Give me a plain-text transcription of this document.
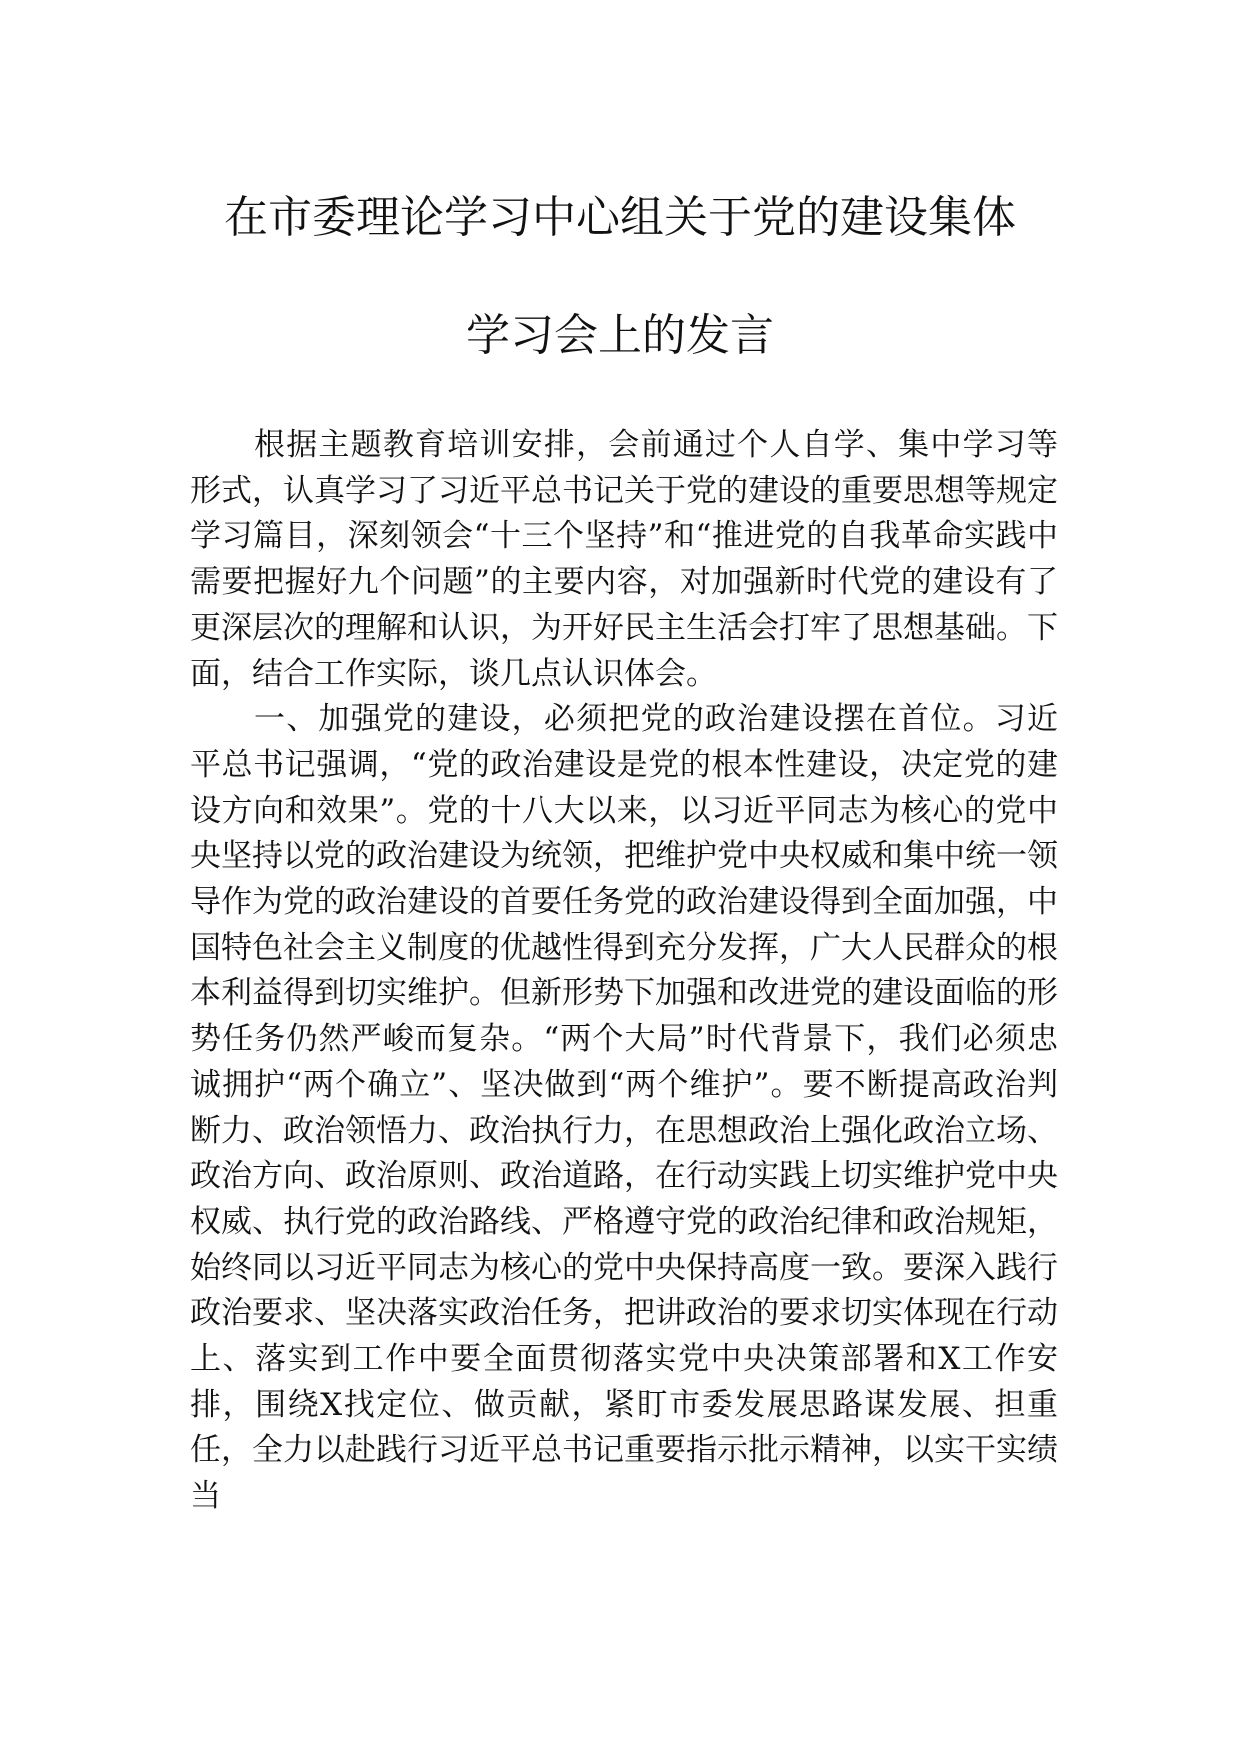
在市委理论学习中心组关于党的建设集体
学习会上的发言

根据主题教育培训安排，会前通过个人自学、集中学习等形式，认真学习了习近平总书记关于党的建设的重要思想等规定学习篇目，深刻领会“十三个坚持”和“推进党的自我革命实践中需要把握好九个问题”的主要内容，对加强新时代党的建设有了更深层次的理解和认识，为开好民主生活会打牢了思想基础。下面，结合工作实际，谈几点认识体会。

一、加强党的建设，必须把党的政治建设摆在首位。习近平总书记强调，“党的政治建设是党的根本性建设，决定党的建设方向和效果”。党的十八大以来，以习近平同志为核心的党中央坚持以党的政治建设为统领，把维护党中央权威和集中统一领导作为党的政治建设的首要任务党的政治建设得到全面加强，中国特色社会主义制度的优越性得到充分发挥，广大人民群众的根本利益得到切实维护。但新形势下加强和改进党的建设面临的形势任务仍然严峻而复杂。“两个大局”时代背景下，我们必须忠诚拥护“两个确立”、坚决做到“两个维护”。要不断提高政治判断力、政治领悟力、政治执行力，在思想政治上强化政治立场、政治方向、政治原则、政治道路，在行动实践上切实维护党中央权威、执行党的政治路线、严格遵守党的政治纪律和政治规矩，始终同以习近平同志为核心的党中央保持高度一致。要深入践行政治要求、坚决落实政治任务，把讲政治的要求切实体现在行动上、落实到工作中要全面贯彻落实党中央决策部署和X工作安排，围绕X找定位、做贡献，紧盯市委发展思路谋发展、担重任，全力以赴践行习近平总书记重要指示批示精神，以实干实绩当
